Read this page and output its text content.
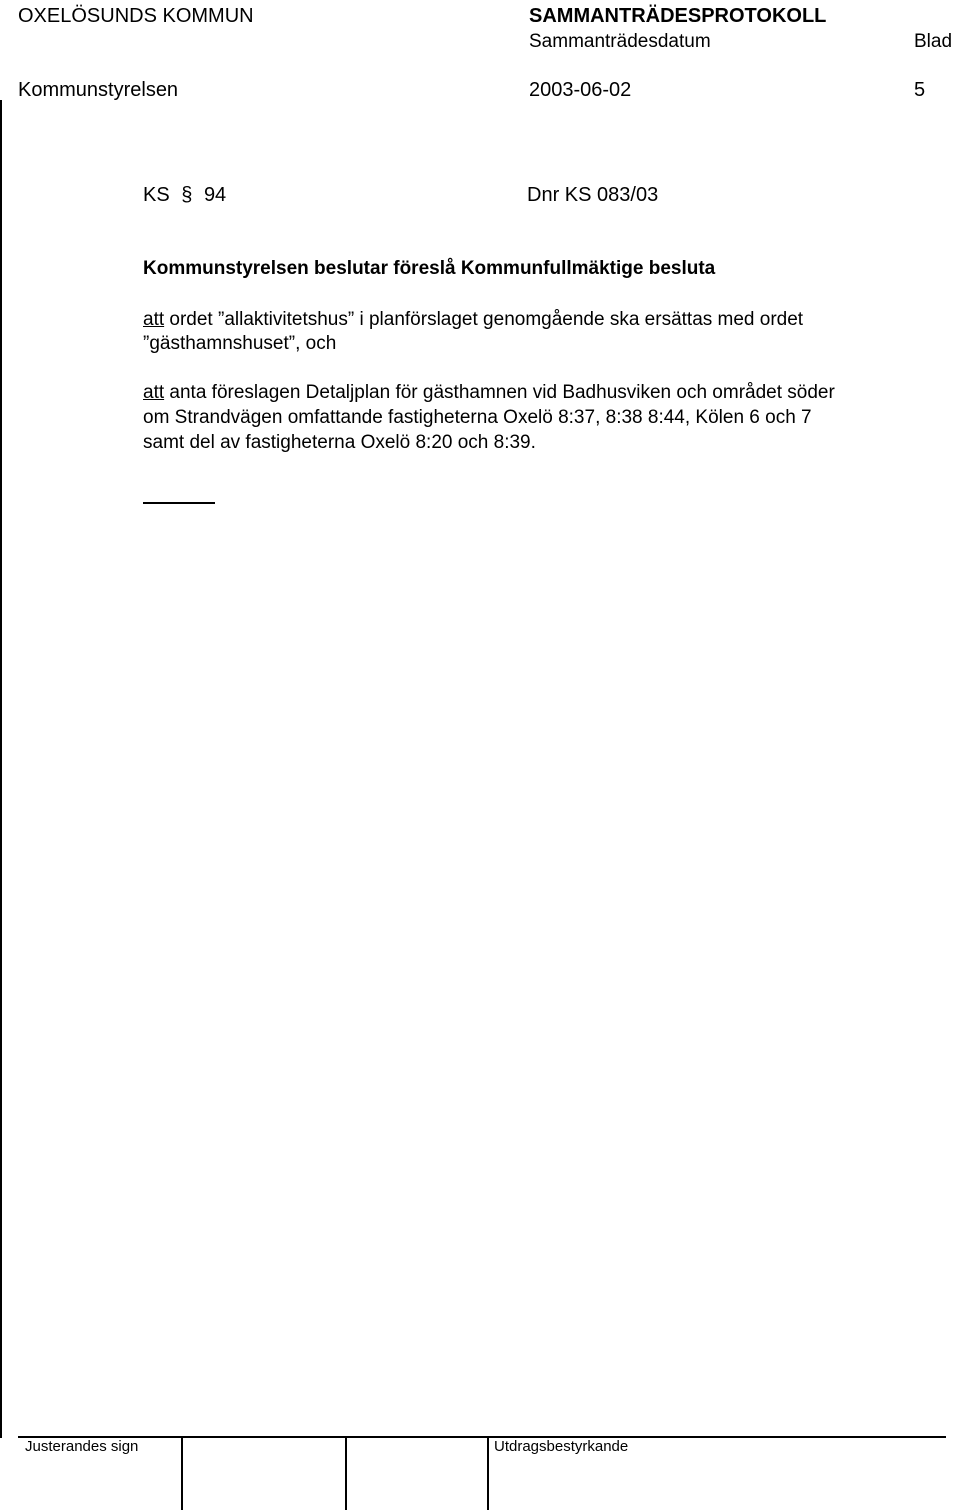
OXELÖSUNDS KOMMUN	SAMMANTRÄDESPROTOKOLL
Sammanträdesdatum	Blad
Kommunstyrelsen	2003-06-02	5
KS § 94	Dnr KS 083/03
Kommunstyrelsen beslutar föreslå Kommunfullmäktige besluta
att ordet ”allaktivitetshus” i planförslaget genomgående ska ersättas med ordet
”gästhamnshuset”, och
att anta föreslagen Detaljplan för gästhamnen vid Badhusviken och området söder
om Strandvägen omfattande fastigheterna Oxelö 8:37, 8:38 8:44, Kölen 6 och 7
samt del av fastigheterna Oxelö 8:20 och 8:39.
Justerandes sign	Utdragsbestyrkande
